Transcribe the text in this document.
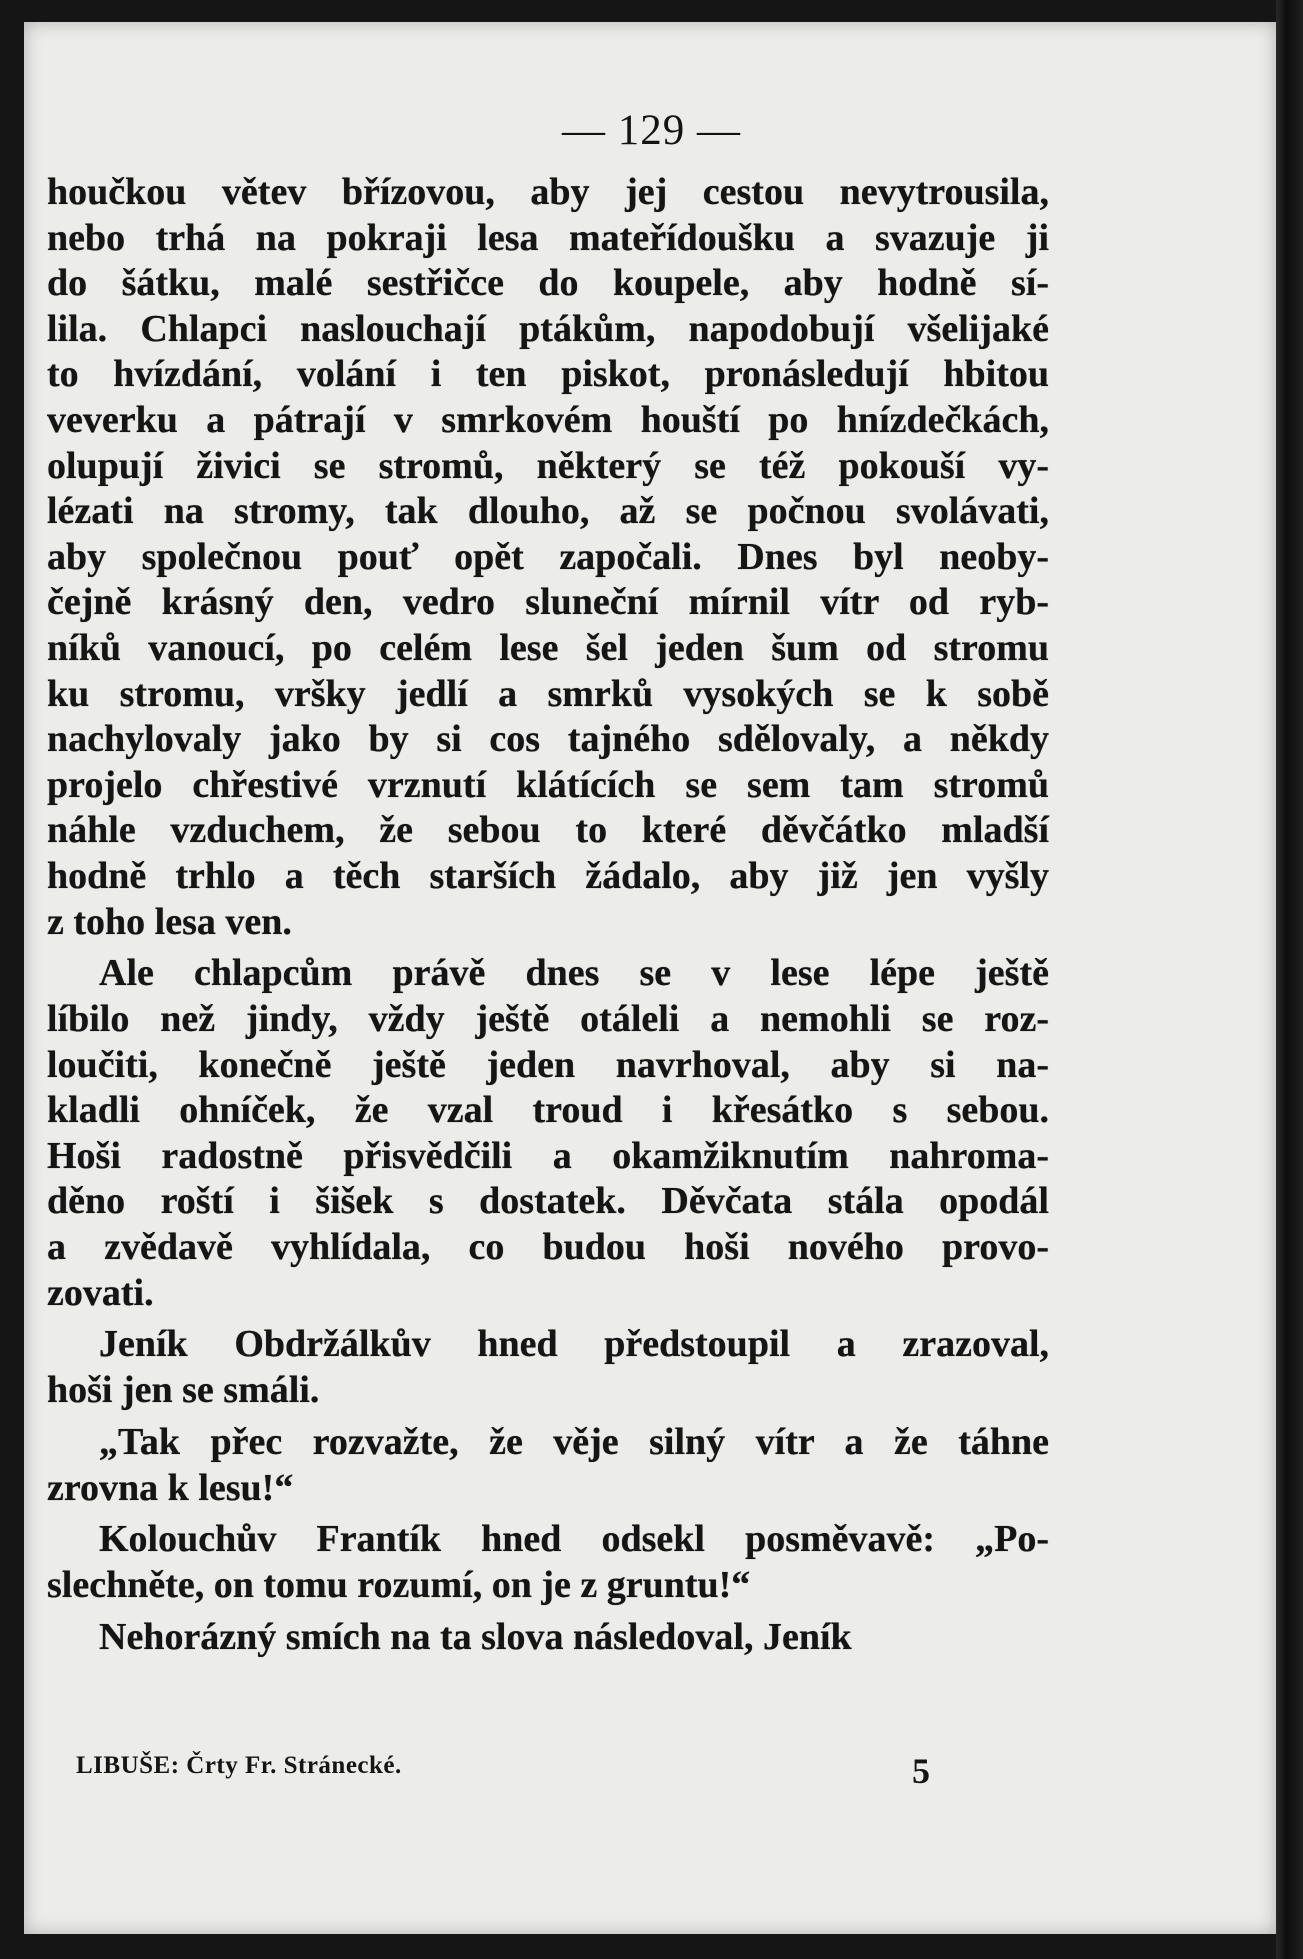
— 129 —
houčkou větev břízovou, aby jej cestou nevytrousila,
nebo trhá na pokraji lesa mateřídoušku a svazuje ji
do šátku, malé sestřičce do koupele, aby hodně sí-
lila. Chlapci naslouchají ptákům, napodobují všelijaké
to hvízdání, volání i ten piskot, pronásledují hbitou
veverku a pátrají v smrkovém houští po hnízdečkách,
olupují živici se stromů, některý se též pokouší vy-
lézati na stromy, tak dlouho, až se počnou svolávati,
aby společnou pouť opět započali. Dnes byl neoby-
čejně krásný den, vedro sluneční mírnil vítr od ryb-
níků vanoucí, po celém lese šel jeden šum od stromu
ku stromu, vršky jedlí a smrků vysokých se k sobě
nachylovaly jako by si cos tajného sdělovaly, a někdy
projelo chřestivé vrznutí klátících se sem tam stromů
náhle vzduchem, že sebou to které děvčátko mladší
hodně trhlo a těch starších žádalo, aby již jen vyšly
z toho lesa ven.
Ale chlapcům právě dnes se v lese lépe ještě
líbilo než jindy, vždy ještě otáleli a nemohli se roz-
loučiti, konečně ještě jeden navrhoval, aby si na-
kladli ohníček, že vzal troud i křesátko s sebou.
Hoši radostně přisvědčili a okamžiknutím nahroma-
děno roští i šišek s dostatek. Děvčata stála opodál
a zvědavě vyhlídala, co budou hoši nového provo-
zovati.
Jeník Obdržálkův hned předstoupil a zrazoval,
hoši jen se smáli.
„Tak přec rozvažte, že věje silný vítr a že táhne
zrovna k lesu!“
Kolouchův Frantík hned odsekl posměvavě: „Po-
slechněte, on tomu rozumí, on je z gruntu!“
Nehorázný smích na ta slova následoval, Jeník
LIBUŠE: Črty Fr. Stránecké.	5
